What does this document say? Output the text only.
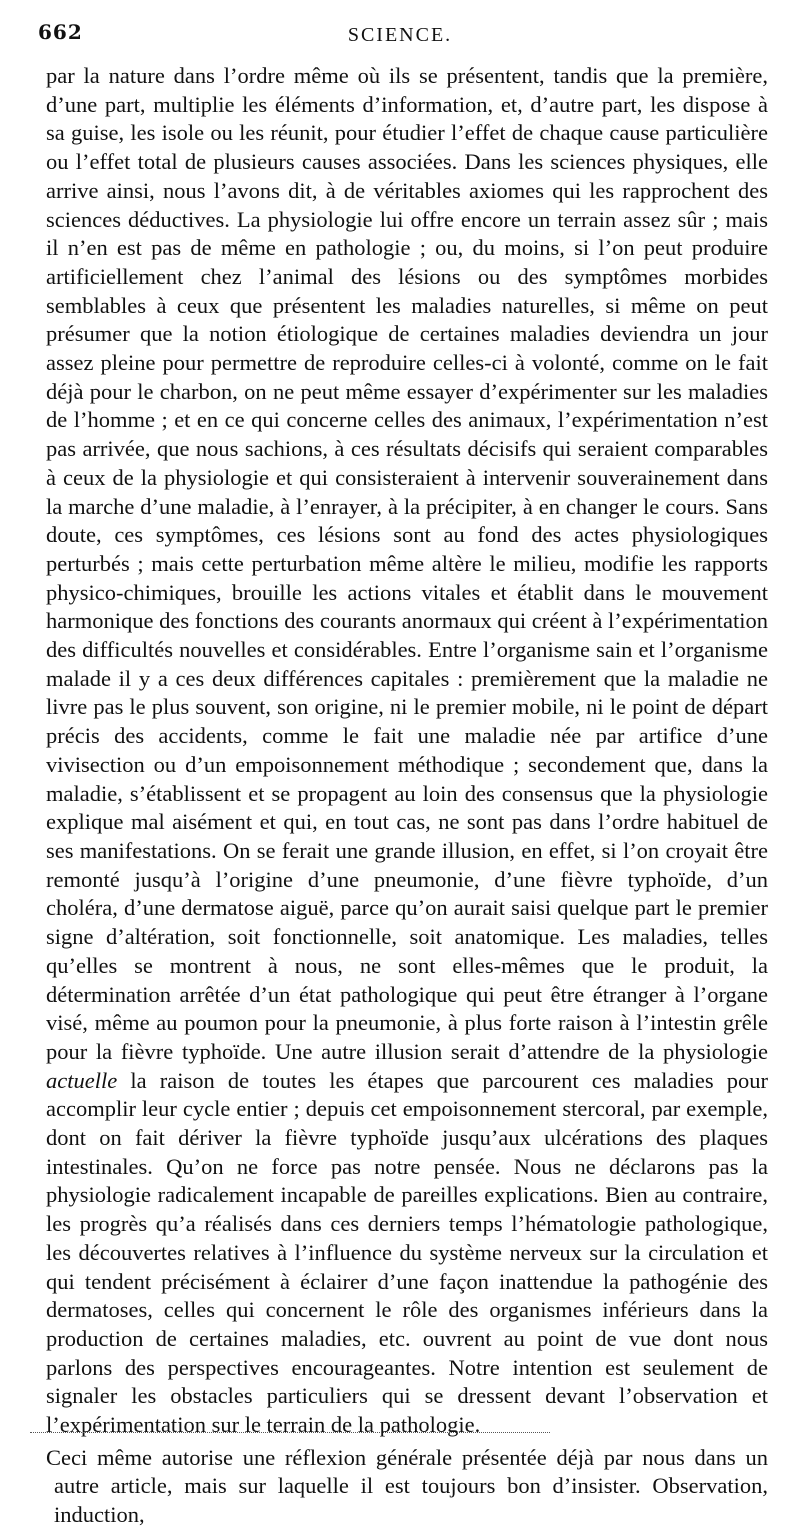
662	SCIENCE.

par la nature dans l’ordre même où ils se présentent, tandis que la première, d’une part, multiplie les éléments d’information, et, d’autre part, les dispose à sa guise, les isole ou les réunit, pour étudier l’effet de chaque cause particulière ou l’effet total de plusieurs causes associées. Dans les sciences physiques, elle arrive ainsi, nous l’avons dit, à de véritables axiomes qui les rapprochent des sciences déductives. La physiologie lui offre encore un terrain assez sûr ; mais il n’en est pas de même en pathologie ; ou, du moins, si l’on peut produire artificiellement chez l’animal des lésions ou des symptômes morbides semblables à ceux que présentent les maladies naturelles, si même on peut présumer que la notion étiologique de certaines maladies deviendra un jour assez pleine pour permettre de reproduire celles-ci à volonté, comme on le fait déjà pour le charbon, on ne peut même essayer d’expérimenter sur les maladies de l’homme ; et en ce qui concerne celles des animaux, l’expérimentation n’est pas arrivée, que nous sachions, à ces résultats décisifs qui seraient comparables à ceux de la physiologie et qui consisteraient à intervenir souverainement dans la marche d’une maladie, à l’enrayer, à la précipiter, à en changer le cours. Sans doute, ces symptômes, ces lésions sont au fond des actes physiologiques perturbés ; mais cette perturbation même altère le milieu, modifie les rapports physico-chimiques, brouille les actions vitales et établit dans le mouvement harmonique des fonctions des courants anormaux qui créent à l’expérimentation des difficultés nouvelles et considérables. Entre l’organisme sain et l’organisme malade il y a ces deux différences capitales : premièrement que la maladie ne livre pas le plus souvent, son origine, ni le premier mobile, ni le point de départ précis des accidents, comme le fait une maladie née par artifice d’une vivisection ou d’un empoisonnement méthodique ; secondement que, dans la maladie, s’établissent et se propagent au loin des consensus que la physiologie explique mal aisément et qui, en tout cas, ne sont pas dans l’ordre habituel de ses manifestations. On se ferait une grande illusion, en effet, si l’on croyait être remonté jusqu’à l’origine d’une pneumonie, d’une fièvre typhoïde, d’un choléra, d’une dermatose aiguë, parce qu’on aurait saisi quelque part le premier signe d’altération, soit fonctionnelle, soit anatomique. Les maladies, telles qu’elles se montrent à nous, ne sont elles-mêmes que le produit, la détermination arrêtée d’un état pathologique qui peut être étranger à l’organe visé, même au poumon pour la pneumonie, à plus forte raison à l’intestin grêle pour la fièvre typhoïde. Une autre illusion serait d’attendre de la physiologie actuelle la raison de toutes les étapes que parcourent ces maladies pour accomplir leur cycle entier ; depuis cet empoisonnement stercoral, par exemple, dont on fait dériver la fièvre typhoïde jusqu’aux ulcérations des plaques intestinales. Qu’on ne force pas notre pensée. Nous ne déclarons pas la physiologie radicalement incapable de pareilles explications. Bien au contraire, les progrès qu’a réalisés dans ces derniers temps l’hématologie pathologique, les découvertes relatives à l’influence du système nerveux sur la circulation et qui tendent précisément à éclairer d’une façon inattendue la pathogénie des dermatoses, celles qui concernent le rôle des organismes inférieurs dans la production de certaines maladies, etc. ouvrent au point de vue dont nous parlons des perspectives encourageantes. Notre intention est seulement de signaler les obstacles particuliers qui se dressent devant l’observation et l’expérimentation sur le terrain de la pathologie.

Ceci même autorise une réflexion générale présentée déjà par nous dans un autre article, mais sur laquelle il est toujours bon d’insister. Observation, induction,
